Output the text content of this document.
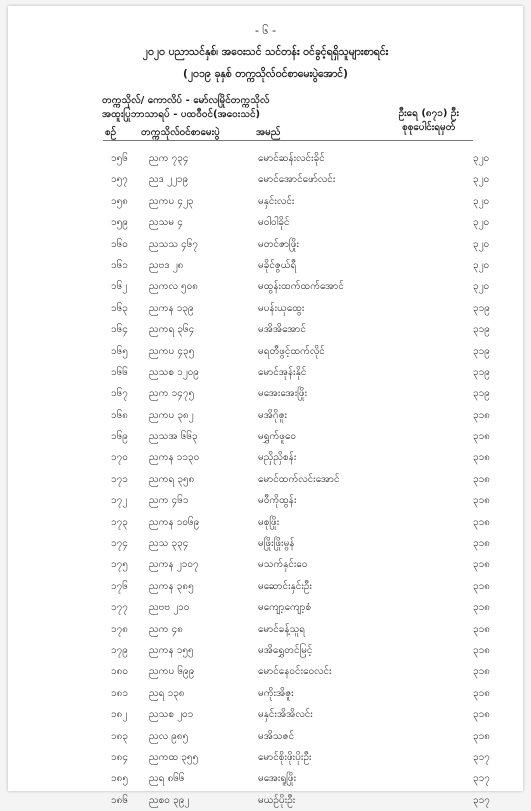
- ၆ -
၂၀၂၀ ပညာသင်နှစ်၊ အဝေးသင် သင်တန်း ဝင်ခွင့်ရရှိသူများစာရင်း
(၂၀၁၉ ခုနှစ် တက္ကသိုလ်ဝင်စာမေးပွဲအောင်)
တက္ကသိုလ်/ ကောလိပ် - မော်လမြိုင်တက္ကသိုလ်
အထူးပြုဘာသာရပ် - ပထဝီဝင်(အဝေးသင်)	ဦးရေ (၈၇၁) ဦး
စုစုပေါင်းရမှတ်
စဉ် တက္ကသိုလ်ဝင်စာမေးပွဲ	အမည်
၁၅၆ ညက ၇၃၄	မောင်ဆန်းလင်းခိုင်	၃၂၀
၁၅၇ ညဒ ၂၂၁၉	မောင်အောင်ဖော်လင်း	၃၂၀
၁၅၈ ညကပ ၄၂၃	မနှင်းလင်း	၃၂၀
၁၅၉ ညသမ ၄	မဝါဝါခိုင်	၃၂၀
၁၆၀ ညသသ ၄၆၇	မတင်ဇာဖြိုး	၃၂၀
၁၆၁ ညဗဒ ၂၈	မခိုင်ဇွယ်ရီ	၃၂၀
၁၆၂ ညကလ ၅၀၈	မထွန်းထက်ထက်အောင်	၃၂၀
၁၆၃ ညကန ၁၃၉	မပန်းယုထွေး	၃၁၉
၁၆၄ ညကရ ၃၆၄	မအိအိအောင်	၃၁၉
၁၆၅ ညကပ ၄၃၅	မရတီဖွင့်ထက်လိုင်	၃၁၉
၁၆၆ ညသစ ၁၂၀၉	မောင်အုန်းနိုင်	၃၁၉
၁၆၇ ညက ၁၄၇၅	မအေးအေးဖြိုး	၃၁၉
၁၆၈ ညကပ ၃၈၂	မအိဂိုဇူး	၃၁၈
၁၆၉ ညသအ ၆၆၃	မရွှက်ဖူဝေ	၃၁၈
၁၇၀ ညကန ၁၁၃၀	မညှိညှိစန်း	၃၁၈
၁၇၁ ညကရ ၃၅၈	မောင်ထက်လင်းအောင်	၃၁၈
၁၇၂ ညက ၄၆၁	မဝီကိုထွန်း	၃၁၈
၁၇၃ ညကန ၁၀၆၉	မစုဖြိုး	၃၁၈
၁၇၄ ညသ ၃၃၄	မဖြိုးဖြိုးမွန်	၃၁၈
၁၇၅ ညကန ၂၁၀၇	မသက်နှင်းဝေ	၃၁၈
၁၇၆ ညကန ၃၈၅	မဆောင်းနှင်းဦး	၃၁၈
၁၇၇ ညဗဗ ၂၁၀	မကျော့ကျော့စံ	၃၁၈
၁၇၈ ညက ၄၈	မောင်ခန့်သူရ	၃၁၈
၁၇၉ ညကန ၁၅၅	မအိရွှေတင်မြင့်	၃၁၈
၁၈၀ ညကပ ၆၉၉	မောင်နေဝင်းဝေလင်း	၃၁၈
၁၈၁ ညရ ၁၃၈	မကိုးအိဇူး	၃၁၈
၁၈၂ ညသစ ၂၀၁	မနှင်းအိအိလင်း	၃၁၈
၁၈၃ ညလ ၉၈၅	မအိသဇင်	၃၁၈
၁၈၄ ညကထ ၃၅၅	မောင်စိုးဖိုးပိုးဦး	၃၁၇
၁၈၅ ညရ ၈၆၆	မအေးရူဖြိုး	၃၁၇
၁၈၆ ညစဝ ၃၉၂	မယဉ်ပိုးဦး	၃၁၇
